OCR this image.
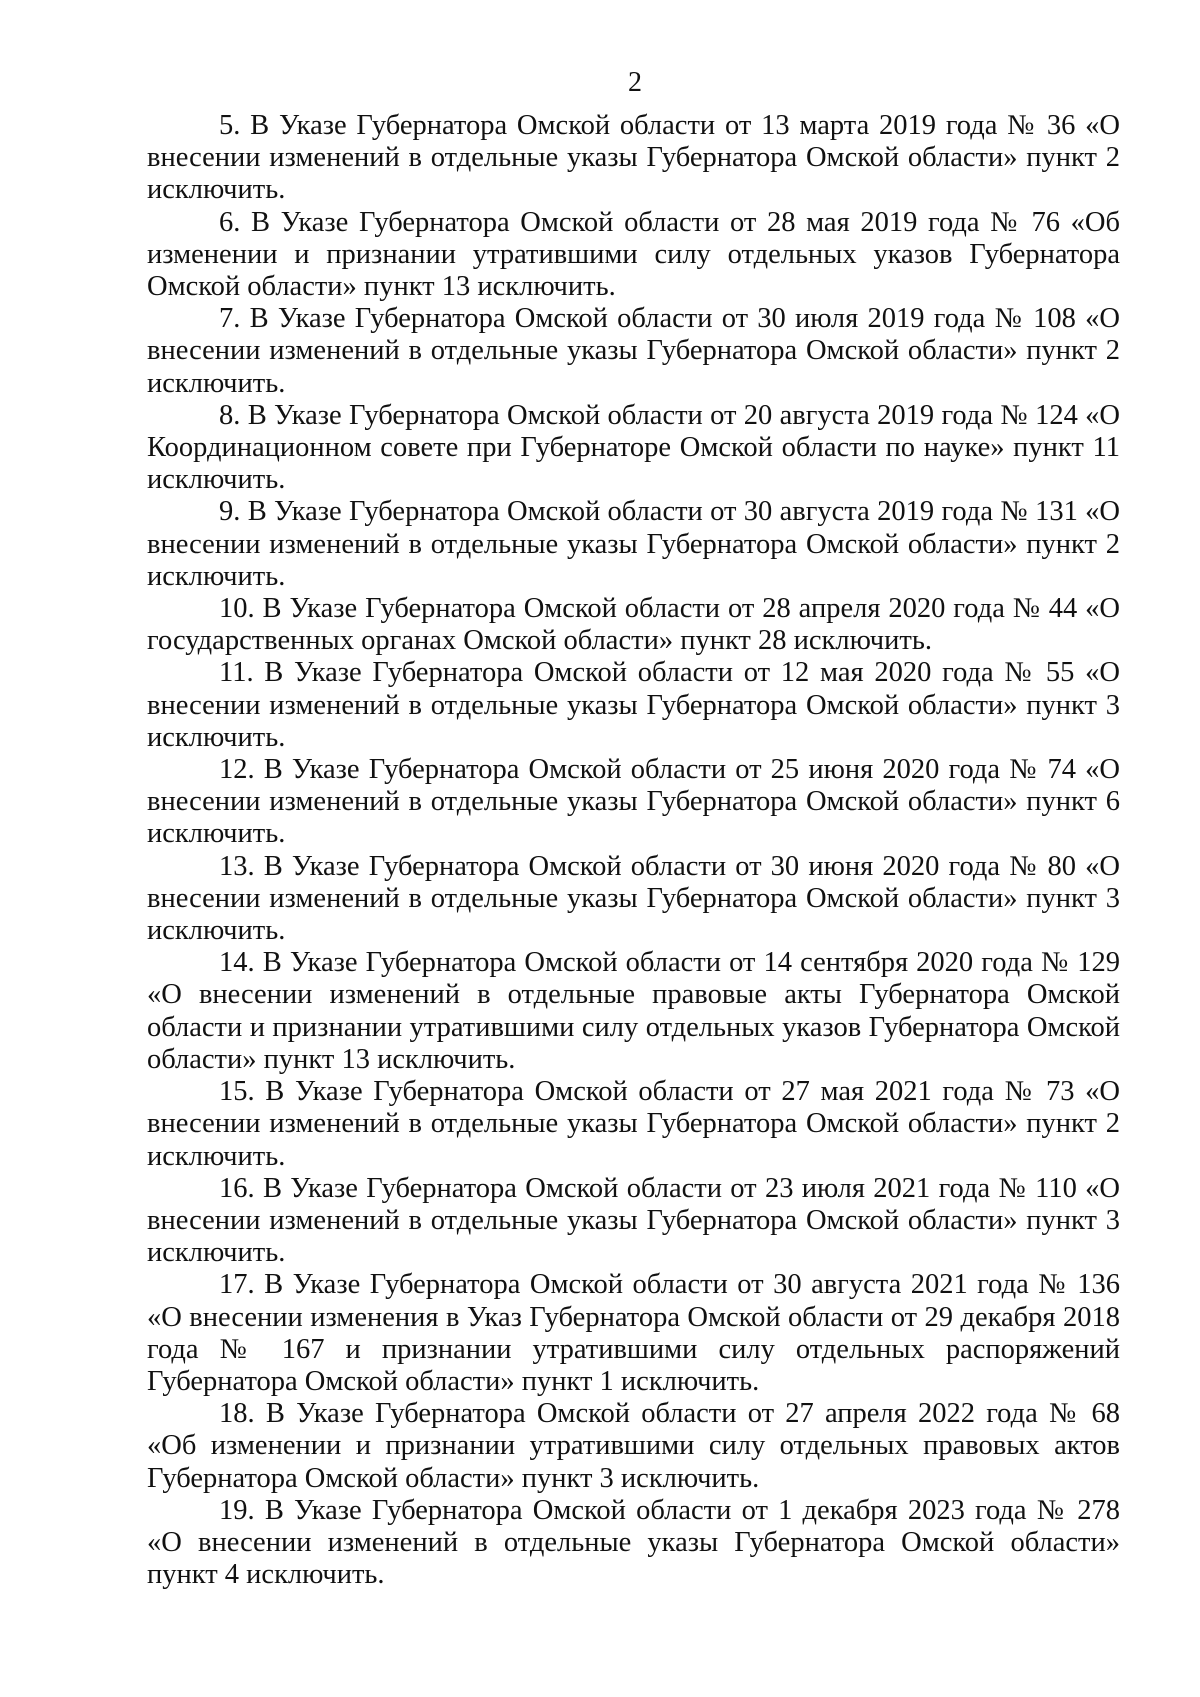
2

5. В Указе Губернатора Омской области от 13 марта 2019 года № 36 «О внесении изменений в отдельные указы Губернатора Омской области» пункт 2 исключить.

6. В Указе Губернатора Омской области от 28 мая 2019 года № 76 «Об изменении и признании утратившими силу отдельных указов Губернатора Омской области» пункт 13 исключить.

7. В Указе Губернатора Омской области от 30 июля 2019 года № 108 «О внесении изменений в отдельные указы Губернатора Омской области» пункт 2 исключить.

8. В Указе Губернатора Омской области от 20 августа 2019 года № 124 «О Координационном совете при Губернаторе Омской области по науке» пункт 11 исключить.

9. В Указе Губернатора Омской области от 30 августа 2019 года № 131 «О внесении изменений в отдельные указы Губернатора Омской области» пункт 2 исключить.

10. В Указе Губернатора Омской области от 28 апреля 2020 года № 44 «О государственных органах Омской области» пункт 28 исключить.

11. В Указе Губернатора Омской области от 12 мая 2020 года № 55 «О внесении изменений в отдельные указы Губернатора Омской области» пункт 3 исключить.

12. В Указе Губернатора Омской области от 25 июня 2020 года № 74 «О внесении изменений в отдельные указы Губернатора Омской области» пункт 6 исключить.

13. В Указе Губернатора Омской области от 30 июня 2020 года № 80 «О внесении изменений в отдельные указы Губернатора Омской области» пункт 3 исключить.

14. В Указе Губернатора Омской области от 14 сентября 2020 года № 129 «О внесении изменений в отдельные правовые акты Губернатора Омской области и признании утратившими силу отдельных указов Губернатора Омской области» пункт 13 исключить.

15. В Указе Губернатора Омской области от 27 мая 2021 года № 73 «О внесении изменений в отдельные указы Губернатора Омской области» пункт 2 исключить.

16. В Указе Губернатора Омской области от 23 июля 2021 года № 110 «О внесении изменений в отдельные указы Губернатора Омской области» пункт 3 исключить.

17. В Указе Губернатора Омской области от 30 августа 2021 года № 136 «О внесении изменения в Указ Губернатора Омской области от 29 декабря 2018 года № 167 и признании утратившими силу отдельных распоряжений Губернатора Омской области» пункт 1 исключить.

18. В Указе Губернатора Омской области от 27 апреля 2022 года № 68 «Об изменении и признании утратившими силу отдельных правовых актов Губернатора Омской области» пункт 3 исключить.

19. В Указе Губернатора Омской области от 1 декабря 2023 года № 278 «О внесении изменений в отдельные указы Губернатора Омской области» пункт 4 исключить.
